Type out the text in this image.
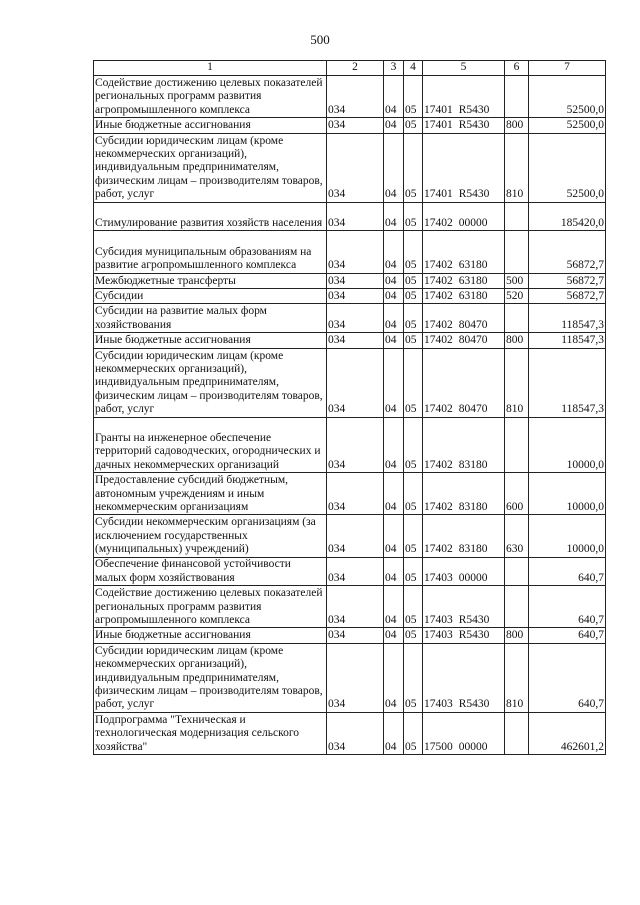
500
1	2	3	4	5	6	7
Содействие достижению целевых показателей региональных программ развития агропромышленного комплекса	034	04	05	17401 R5430		52500,0
Иные бюджетные ассигнования	034	04	05	17401 R5430	800	52500,0
Субсидии юридическим лицам (кроме некоммерческих организаций), индивидуальным предпринимателям, физическим лицам – производителям товаров, работ, услуг	034	04	05	17401 R5430	810	52500,0
Стимулирование развития хозяйств населения	034	04	05	17402 00000		185420,0
Субсидия муниципальным образованиям на развитие агропромышленного комплекса	034	04	05	17402 63180		56872,7
Межбюджетные трансферты	034	04	05	17402 63180	500	56872,7
Субсидии	034	04	05	17402 63180	520	56872,7
Субсидии на развитие малых форм хозяйствования	034	04	05	17402 80470		118547,3
Иные бюджетные ассигнования	034	04	05	17402 80470	800	118547,3
Субсидии юридическим лицам (кроме некоммерческих организаций), индивидуальным предпринимателям, физическим лицам – производителям товаров, работ, услуг	034	04	05	17402 80470	810	118547,3
Гранты на инженерное обеспечение территорий садоводческих, огороднических и дачных некоммерческих организаций	034	04	05	17402 83180		10000,0
Предоставление субсидий бюджетным, автономным учреждениям и иным некоммерческим организациям	034	04	05	17402 83180	600	10000,0
Субсидии некоммерческим организациям (за исключением государственных (муниципальных) учреждений)	034	04	05	17402 83180	630	10000,0
Обеспечение финансовой устойчивости малых форм хозяйствования	034	04	05	17403 00000		640,7
Содействие достижению целевых показателей региональных программ развития агропромышленного комплекса	034	04	05	17403 R5430		640,7
Иные бюджетные ассигнования	034	04	05	17403 R5430	800	640,7
Субсидии юридическим лицам (кроме некоммерческих организаций), индивидуальным предпринимателям, физическим лицам – производителям товаров, работ, услуг	034	04	05	17403 R5430	810	640,7
Подпрограмма "Техническая и технологическая модернизация сельского хозяйства"	034	04	05	17500 00000		462601,2
